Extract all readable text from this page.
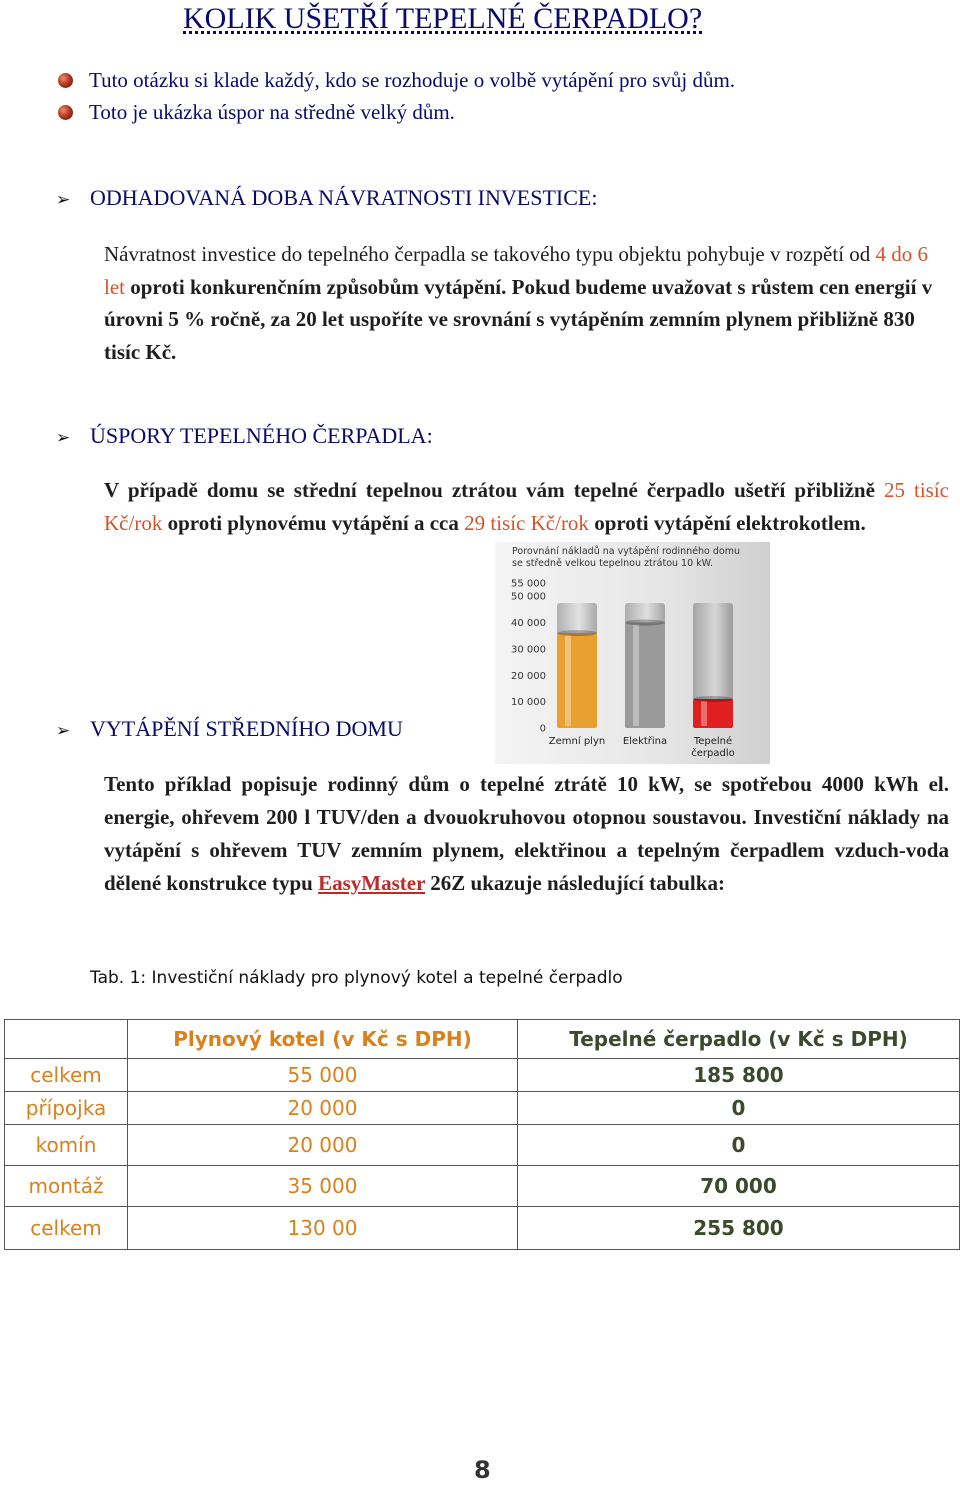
KOLIK UŠETŘÍ TEPELNÉ ČERPADLO?
Tuto otázku si klade každý, kdo se rozhoduje o volbě vytápění pro svůj dům.
Toto je ukázka úspor na středně velký dům.
➢ ODHADOVANÁ DOBA NÁVRATNOSTI INVESTICE:
Návratnost investice do tepelného čerpadla se takového typu objektu pohybuje v rozpětí od 4 do 6 let oproti konkurenčním způsobům vytápění. Pokud budeme uvažovat s růstem cen energií v úrovni 5 % ročně, za 20 let uspoříte ve srovnání s vytápěním zemním plynem přibližně 830 tisíc Kč.
➢ ÚSPORY TEPELNÉHO ČERPADLA:
V případě domu se střední tepelnou ztrátou vám tepelné čerpadlo ušetří přibližně 25 tisíc Kč/rok oproti plynovému vytápění a cca 29 tisíc Kč/rok oproti vytápění elektrokotlem.
Porovnání nákladů na vytápění rodinného domu
se středně velkou tepelnou ztrátou 10 kW.
55 000
50 000
40 000
30 000
20 000
10 000
0
Zemní plyn Elektřina	Tepelné čerpadlo
➢ VYTÁPĚNÍ STŘEDNÍHO DOMU
Tento příklad popisuje rodinný dům o tepelné ztrátě 10 kW, se spotřebou 4000 kWh el. energie, ohřevem 200 l TUV/den a dvouokruhovou otopnou soustavou. Investiční náklady na vytápění s ohřevem TUV zemním plynem, elektřinou a tepelným čerpadlem vzduch-voda dělené konstrukce typu EasyMaster 26Z ukazuje následující tabulka:
Tab. 1: Investiční náklady pro plynový kotel a tepelné čerpadlo
	Plynový kotel (v Kč s DPH)	Tepelné čerpadlo (v Kč s DPH)
celkem	55 000	185 800
přípojka	20 000	0
komín	20 000	0
montáž	35 000	70 000
celkem	130 00	255 800
8
